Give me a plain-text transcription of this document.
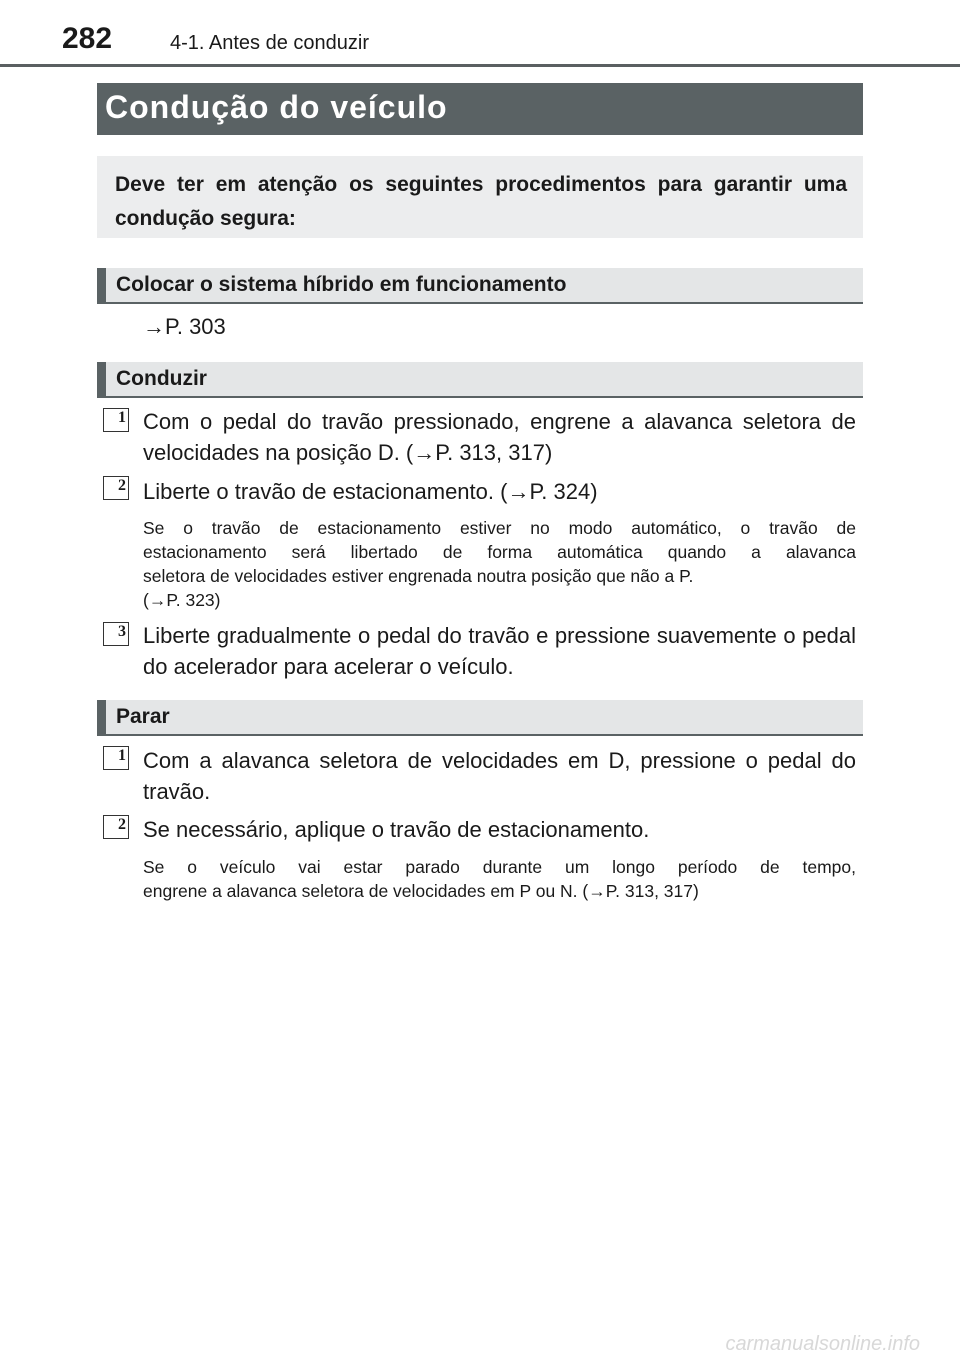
282	4-1. Antes de conduzir
Condução do veículo
Deve ter em atenção os seguintes procedimentos para garantir uma condução segura:
Colocar o sistema híbrido em funcionamento
→P. 303
Conduzir
1 Com o pedal do travão pressionado, engrene a alavanca seletora de velocidades na posição D. (→P. 313, 317)
2 Liberte o travão de estacionamento. (→P. 324)
Se o travão de estacionamento estiver no modo automático, o travão de
estacionamento será libertado de forma automática quando a alavanca
seletora de velocidades estiver engrenada noutra posição que não a P.
(→P. 323)
3 Liberte gradualmente o pedal do travão e pressione suavemente o pedal do acelerador para acelerar o veículo.
Parar
1 Com a alavanca seletora de velocidades em D, pressione o pedal do travão.
2 Se necessário, aplique o travão de estacionamento.
Se o veículo vai estar parado durante um longo período de tempo,
engrene a alavanca seletora de velocidades em P ou N. (→P. 313, 317)
carmanualsonline.info
